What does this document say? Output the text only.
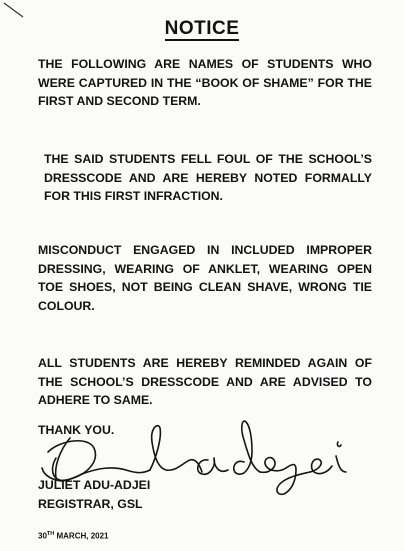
NOTICE

THE FOLLOWING ARE NAMES OF STUDENTS WHO WERE CAPTURED IN THE “BOOK OF SHAME” FOR THE FIRST AND SECOND TERM.

THE SAID STUDENTS FELL FOUL OF THE SCHOOL’S DRESSCODE AND ARE HEREBY NOTED FORMALLY FOR THIS FIRST INFRACTION.

MISCONDUCT ENGAGED IN INCLUDED IMPROPER DRESSING, WEARING OF ANKLET, WEARING OPEN TOE SHOES, NOT BEING CLEAN SHAVE, WRONG TIE COLOUR.

ALL STUDENTS ARE HEREBY REMINDED AGAIN OF THE SCHOOL’S DRESSCODE AND ARE ADVISED TO ADHERE TO SAME.

THANK YOU.

JULIET ADU-ADJEI

REGISTRAR, GSL

30TH MARCH, 2021
